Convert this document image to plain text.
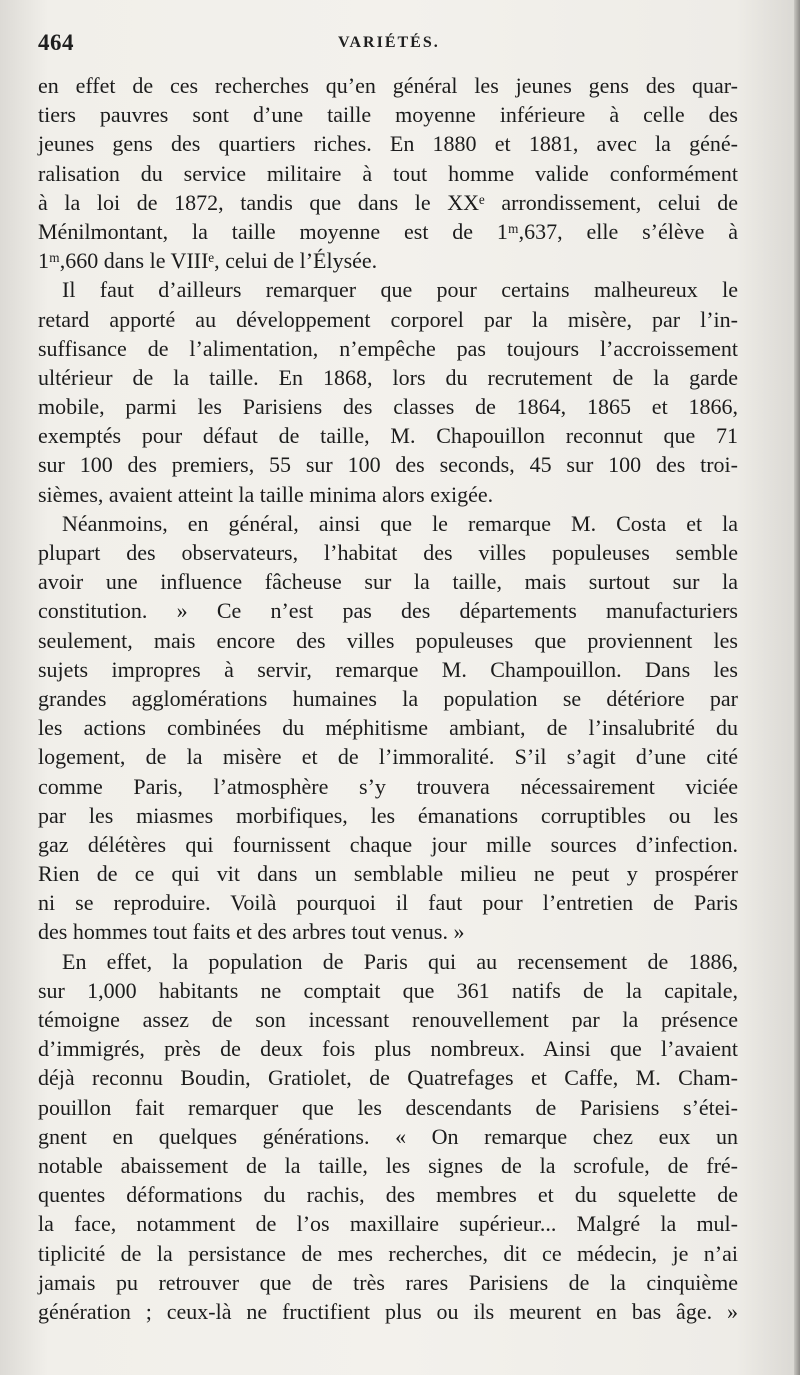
464	VARIÉTÉS.
en effet de ces recherches qu’en général les jeunes gens des quar-
tiers pauvres sont d’une taille moyenne inférieure à celle des
jeunes gens des quartiers riches. En 1880 et 1881, avec la géné-
ralisation du service militaire à tout homme valide conformément
à la loi de 1872, tandis que dans le XXᵉ arrondissement, celui de
Ménilmontant, la taille moyenne est de 1ᵐ,637, elle s’élève à
1ᵐ,660 dans le VIIIᵉ, celui de l’Élysée.
Il faut d’ailleurs remarquer que pour certains malheureux le
retard apporté au développement corporel par la misère, par l’in-
suffisance de l’alimentation, n’empêche pas toujours l’accroissement
ultérieur de la taille. En 1868, lors du recrutement de la garde
mobile, parmi les Parisiens des classes de 1864, 1865 et 1866,
exemptés pour défaut de taille, M. Chapouillon reconnut que 71
sur 100 des premiers, 55 sur 100 des seconds, 45 sur 100 des troi-
sièmes, avaient atteint la taille minima alors exigée.
Néanmoins, en général, ainsi que le remarque M. Costa et la
plupart des observateurs, l’habitat des villes populeuses semble
avoir une influence fâcheuse sur la taille, mais surtout sur la
constitution. » Ce n’est pas des départements manufacturiers
seulement, mais encore des villes populeuses que proviennent les
sujets impropres à servir, remarque M. Champouillon. Dans les
grandes agglomérations humaines la population se détériore par
les actions combinées du méphitisme ambiant, de l’insalubrité du
logement, de la misère et de l’immoralité. S’il s’agit d’une cité
comme Paris, l’atmosphère s’y trouvera nécessairement viciée
par les miasmes morbifiques, les émanations corruptibles ou les
gaz délétères qui fournissent chaque jour mille sources d’infection.
Rien de ce qui vit dans un semblable milieu ne peut y prospérer
ni se reproduire. Voilà pourquoi il faut pour l’entretien de Paris
des hommes tout faits et des arbres tout venus. »
En effet, la population de Paris qui au recensement de 1886,
sur 1,000 habitants ne comptait que 361 natifs de la capitale,
témoigne assez de son incessant renouvellement par la présence
d’immigrés, près de deux fois plus nombreux. Ainsi que l’avaient
déjà reconnu Boudin, Gratiolet, de Quatrefages et Caffe, M. Cham-
pouillon fait remarquer que les descendants de Parisiens s’étei-
gnent en quelques générations. « On remarque chez eux un
notable abaissement de la taille, les signes de la scrofule, de fré-
quentes déformations du rachis, des membres et du squelette de
la face, notamment de l’os maxillaire supérieur... Malgré la mul-
tiplicité de la persistance de mes recherches, dit ce médecin, je n’ai
jamais pu retrouver que de très rares Parisiens de la cinquième
génération ; ceux-là ne fructifient plus ou ils meurent en bas âge. »
